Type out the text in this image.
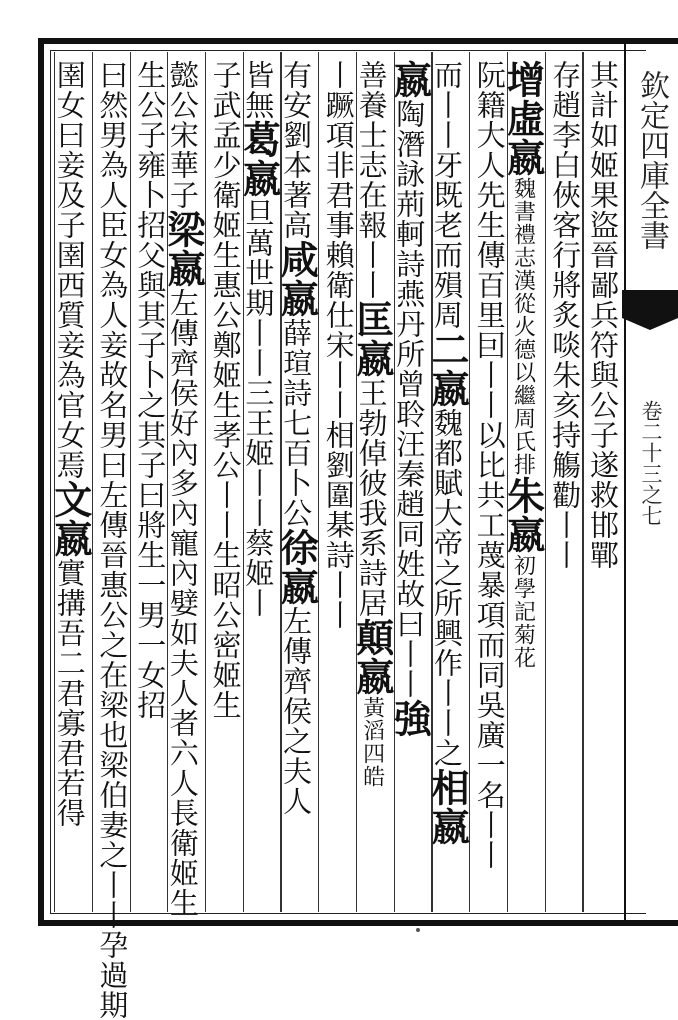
欽定四庫全書
卷二十三之七
其計如姬果盜晉鄙兵符與公子遂救邯鄲
存趙李白俠客行將炙啖朱亥持觴勸丨丨
增虛嬴魏書禮志漢從火德以繼周氏排朱嬴初學記菊花
阮籍大人先生傳百里囙丨丨以比共工蔑暴項而同吳廣一名丨丨
而丨丨牙既老而殞周二嬴魏都賦大帝之所興作丨丨之相嬴
嬴陶潛詠荊軻詩燕丹所曾聆汪秦趙同姓故曰丨丨強
善養士志在報丨丨匡嬴王勃倬彼我系詩居顛嬴黃滔四皓
丨蹶項非君事賴衛仕宋丨丨相劉圍棊詩丨丨
有安劉本著高咸嬴薛瑄詩七百卜公徐嬴左傳齊侯之夫人
皆無葛嬴旦萬世期丨丨三王姬丨丨蔡姬丨
子武孟少衛姬生惠公鄭姬生孝公丨丨生昭公密姬生
懿公宋華子梁嬴左傳齊侯好內多內寵內嬖如夫人者六人長衛姬生
生公子雍卜招父與其子卜之其子曰將生一男一女招
曰然男為人臣女為人妾故名男曰左傳晉惠公之在梁也梁伯妻之丨丨孕過期
圉女曰妾及子圉西質妾為官女焉文嬴實搆吾二君寡君若得
